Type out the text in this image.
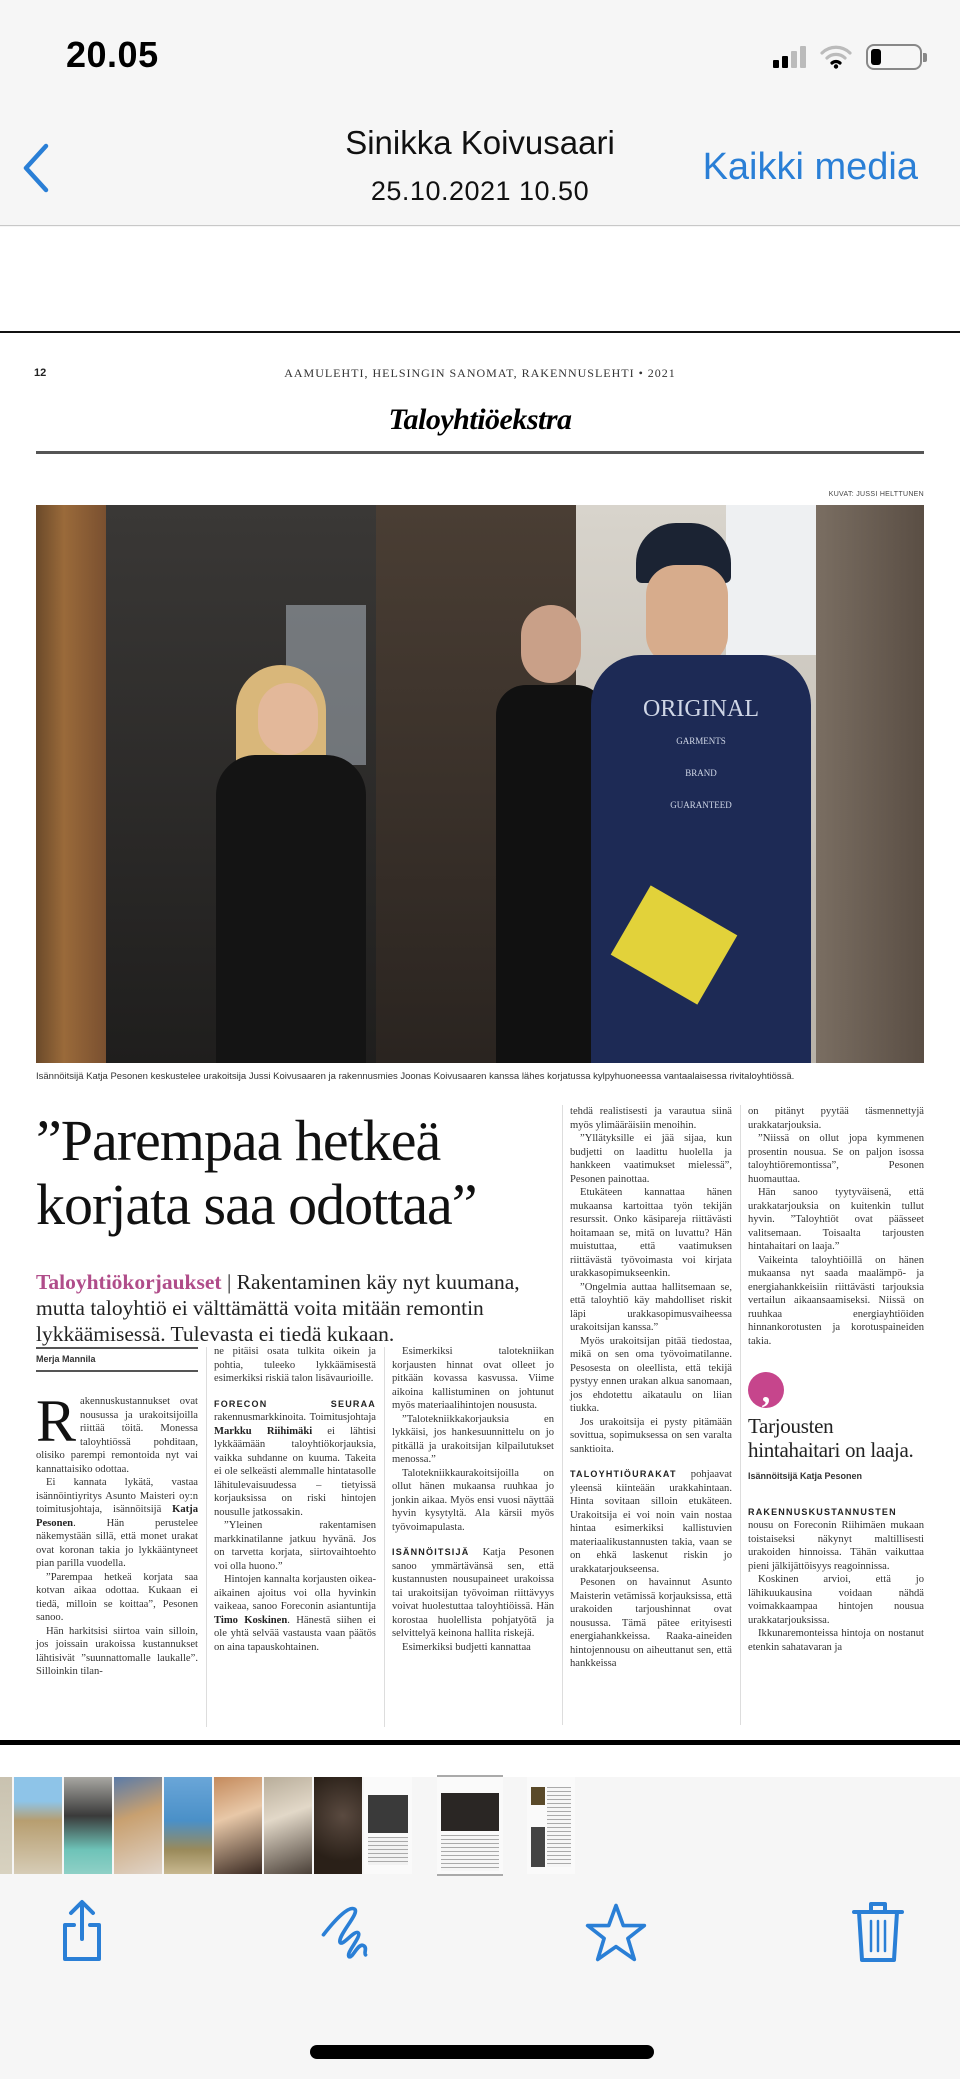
20.05
Sinikka Koivusaari
25.10.2021 10.50
Kaikki media
12	AAMULEHTI, HELSINGIN SANOMAT, RAKENNUSLEHTI • 2021
Taloyhtiöekstra
KUVAT: JUSSI HELTTUNEN
ORIGINAL
GARMENTS
BRAND
GUARANTEED
Isännöitsijä Katja Pesonen keskustelee urakoitsija Jussi Koivusaaren ja rakennusmies Joonas Koivusaaren kanssa lähes korjatussa kylpyhuoneessa vantaalaisessa rivitaloyhtiössä.
”Parempaa hetkeä
korjata saa odottaa”
Taloyhtiökorjaukset | Rakentaminen käy nyt kuumana, mutta taloyhtiö ei välttämättä voita mitään remontin lykkäämisessä. Tulevasta ei tiedä kukaan.
Merja Mannila

Rakennuskustannukset ovat nousussa ja urakoitsijoilla riittää töitä. Monessa taloyhtiössä pohditaan, olisiko parempi remontoida nyt vai kannattaisiko odottaa.

Ei kannata lykätä, vastaa isännöintiyritys Asunto Maisteri oy:n toimitusjohtaja, isännöitsijä Katja Pesonen. Hän perustelee näkemystään sillä, että monet urakat ovat koronan takia jo lykkääntyneet pian parilla vuodella.

”Parempaa hetkeä korjata saa kotvan aikaa odottaa. Kukaan ei tiedä, milloin se koittaa”, Pesonen sanoo.

Hän harkitsisi siirtoa vain silloin, jos joissain urakoissa kustannukset lähtisivät ”suunnattomalle laukalle”. Silloinkin tilan-

ne pitäisi osata tulkita oikein ja pohtia, tuleeko lykkäämisestä esimerkiksi riskiä talon lisävaurioille.

FORECON SEURAA rakennusmarkkinoita. Toimitusjohtaja Markku Riihimäki ei lähtisi lykkäämään taloyhtiökorjauksia, vaikka suhdanne on kuuma. Takeita ei ole selkeästi alemmalle hintatasolle lähitulevaisuudessa – tietyissä korjauksissa on riski hintojen nousulle jatkossakin.

”Yleinen rakentamisen markkinatilanne jatkuu hyvänä. Jos on tarvetta korjata, siirtovaihtoehto voi olla huono.”

Hintojen kannalta korjausten oikea-aikainen ajoitus voi olla hyvinkin vaikeaa, sanoo Foreconin asiantuntija Timo Koskinen. Hänestä siihen ei ole yhtä selvää vastausta vaan päätös on aina tapauskohtainen.

Esimerkiksi talotekniikan korjausten hinnat ovat olleet jo pitkään kovassa kasvussa. Viime aikoina kallistuminen on johtunut myös materiaalihintojen noususta.

”Talotekniikkakorjauksia en lykkäisi, jos hankesuunnittelu on jo pitkällä ja urakoitsijan kilpailutukset menossa.”

Talotekniikkaurakoitsijoilla on ollut hänen mukaansa ruuhkaa jo jonkin aikaa. Myös ensi vuosi näyttää hyvin kysytyltä. Ala kärsii myös työvoimapulasta.

ISÄNNÖITSIJÄ Katja Pesonen sanoo ymmärtävänsä sen, että kustannusten nousupaineet urakoissa tai urakoitsijan työvoiman riittävyys voivat huolestuttaa taloyhtiöissä. Hän korostaa huolellista pohjatyötä ja selvittelyä keinona hallita riskejä.

Esimerkiksi budjetti kannattaa

tehdä realistisesti ja varautua siinä myös ylimääräisiin menoihin.

”Yllätyksille ei jää sijaa, kun budjetti on laadittu huolella ja hankkeen vaatimukset mielessä”, Pesonen painottaa.

Etukäteen kannattaa hänen mukaansa kartoittaa työn tekijän resurssit. Onko käsipareja riittävästi hoitamaan se, mitä on luvattu? Hän muistuttaa, että vaatimuksen riittävästä työvoimasta voi kirjata urakkasopimukseenkin.

”Ongelmia auttaa hallitsemaan se, että taloyhtiö käy mahdolliset riskit läpi urakkasopimusvaiheessa urakoitsijan kanssa.”

Myös urakoitsijan pitää tiedostaa, mikä on sen oma työvoimatilanne. Pesosesta on oleellista, että tekijä pystyy ennen urakan alkua sanomaan, jos ehdotettu aikataulu on liian tiukka.

Jos urakoitsija ei pysty pitämään sovittua, sopimuksessa on sen varalta sanktioita.

TALOYHTIÖURAKAT pohjaavat yleensä kiinteään urakkahintaan. Hinta sovitaan silloin etukäteen. Urakoitsija ei voi noin vain nostaa hintaa esimerkiksi kallistuvien materiaalikustannusten takia, vaan se on ehkä laskenut riskin jo urakkatarjoukseensa.

Pesonen on havainnut Asunto Maisterin vetämissä korjauksissa, että urakoiden tarjoushinnat ovat nousussa. Tämä pätee erityisesti energiahankkeissa. Raaka-aineiden hintojennousu on aiheuttanut sen, että hankkeissa

on pitänyt pyytää täsmennettyjä urakkatarjouksia.

”Niissä on ollut jopa kymmenen prosentin nousua. Se on paljon isossa taloyhtiöremontissa”, Pesonen huomauttaa.

Hän sanoo tyytyväisenä, että urakkatarjouksia on kuitenkin tullut hyvin. ”Taloyhtiöt ovat päässeet valitsemaan. Toisaalta tarjousten hintahaitari on laaja.”

Vaikeinta taloyhtiöillä on hänen mukaansa nyt saada maalämpö- ja energiahankkeisiin riittävästi tarjouksia vertailun aikaansaamiseksi. Niissä on ruuhkaa energiayhtiöiden hinnankorotusten ja korotuspaineiden takia.

,
Tarjousten hintahaitari on laaja.
Isännöitsijä Katja Pesonen

RAKENNUSKUSTANNUSTEN nousu on Foreconin Riihimäen mukaan toistaiseksi näkynyt maltillisesti urakoiden hinnoissa. Tähän vaikuttaa pieni jälkijättöisyys reagoinnissa.

Koskinen arvioi, että jo lähikuukausina voidaan nähdä voimakkaampaa hintojen nousua urakkatarjouksissa.

Ikkunaremonteissa hintoja on nostanut etenkin sahatavaran ja
